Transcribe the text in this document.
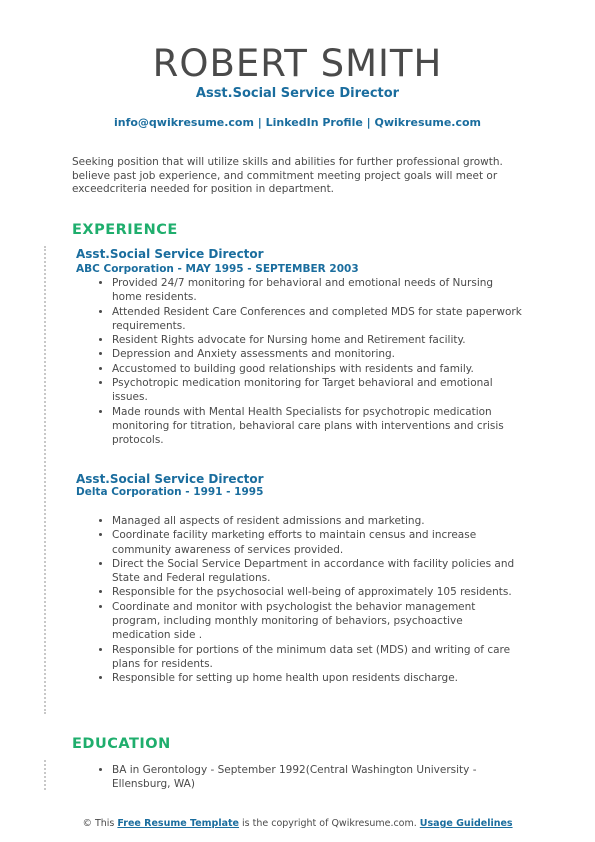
ROBERT SMITH
Asst.Social Service Director
info@qwikresume.com | LinkedIn Profile | Qwikresume.com

Seeking position that will utilize skills and abilities for further professional growth. believe past job experience, and commitment meeting project goals will meet or exceedcriteria needed for position in department.

EXPERIENCE

Asst.Social Service Director

ABC Corporation - MAY 1995 - SEPTEMBER 2003

• Provided 24/7 monitoring for behavioral and emotional needs of Nursing home residents.
• Attended Resident Care Conferences and completed MDS for state paperwork requirements.
• Resident Rights advocate for Nursing home and Retirement facility.
• Depression and Anxiety assessments and monitoring.
• Accustomed to building good relationships with residents and family.
• Psychotropic medication monitoring for Target behavioral and emotional issues.
• Made rounds with Mental Health Specialists for psychotropic medication monitoring for titration, behavioral care plans with interventions and crisis protocols.

Asst.Social Service Director

Delta Corporation - 1991 - 1995

• Managed all aspects of resident admissions and marketing.
• Coordinate facility marketing efforts to maintain census and increase community awareness of services provided.
• Direct the Social Service Department in accordance with facility policies and State and Federal regulations.
• Responsible for the psychosocial well-being of approximately 105 residents.
• Coordinate and monitor with psychologist the behavior management program, including monthly monitoring of behaviors, psychoactive medication side .
• Responsible for portions of the minimum data set (MDS) and writing of care plans for residents.
• Responsible for setting up home health upon residents discharge.
EDUCATION
• BA in Gerontology - September 1992(Central Washington University - Ellensburg, WA)
© This Free Resume Template is the copyright of Qwikresume.com. Usage Guidelines
